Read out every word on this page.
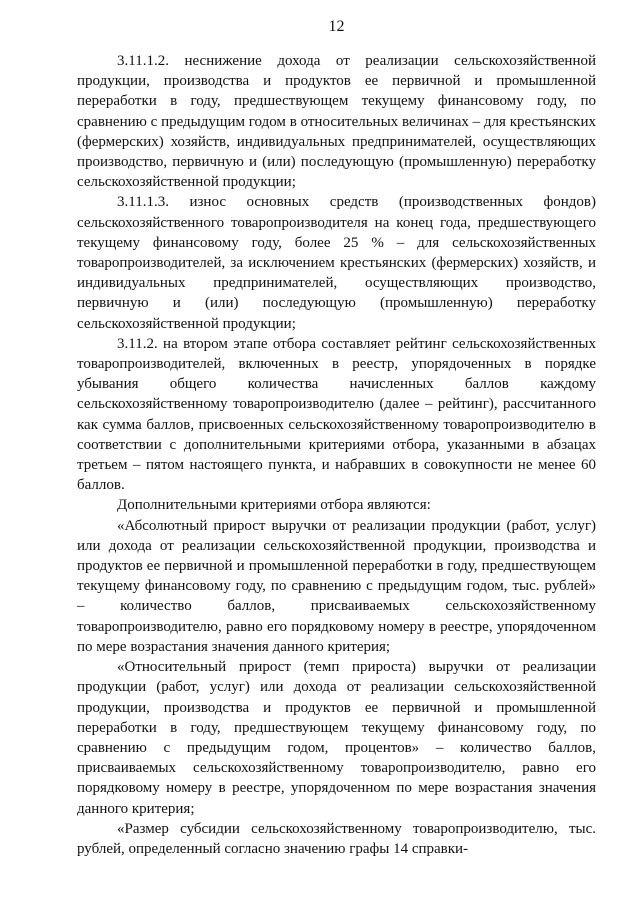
12

3.11.1.2. неснижение дохода от реализации сельскохозяйственной продукции, производства и продуктов ее первичной и промышленной переработки в году, предшествующем текущему финансовому году, по сравнению с предыдущим годом в относительных величинах – для крестьянских (фермерских) хозяйств, индивидуальных предпринимателей, осуществляющих производство, первичную и (или) последующую (промышленную) переработку сельскохозяйственной продукции;

3.11.1.3. износ основных средств (производственных фондов) сельскохозяйственного товаропроизводителя на конец года, предшествующего текущему финансовому году, более 25 % – для сельскохозяйственных товаропроизводителей, за исключением крестьянских (фермерских) хозяйств, и индивидуальных предпринимателей, осуществляющих производство, первичную и (или) последующую (промышленную) переработку сельскохозяйственной продукции;

3.11.2. на втором этапе отбора составляет рейтинг сельскохозяйственных товаропроизводителей, включенных в реестр, упорядоченных в порядке убывания общего количества начисленных баллов каждому сельскохозяйственному товаропроизводителю (далее – рейтинг), рассчитанного как сумма баллов, присвоенных сельскохозяйственному товаропроизводителю в соответствии с дополнительными критериями отбора, указанными в абзацах третьем – пятом настоящего пункта, и набравших в совокупности не менее 60 баллов.

Дополнительными критериями отбора являются:

«Абсолютный прирост выручки от реализации продукции (работ, услуг) или дохода от реализации сельскохозяйственной продукции, производства и продуктов ее первичной и промышленной переработки в году, предшествующем текущему финансовому году, по сравнению с предыдущим годом, тыс. рублей» – количество баллов, присваиваемых сельскохозяйственному товаропроизводителю, равно его порядковому номеру в реестре, упорядоченном по мере возрастания значения данного критерия;

«Относительный прирост (темп прироста) выручки от реализации продукции (работ, услуг) или дохода от реализации сельскохозяйственной продукции, производства и продуктов ее первичной и промышленной переработки в году, предшествующем текущему финансовому году, по сравнению с предыдущим годом, процентов» – количество баллов, присваиваемых сельскохозяйственному товаропроизводителю, равно его порядковому номеру в реестре, упорядоченном по мере возрастания значения данного критерия;

«Размер субсидии сельскохозяйственному товаропроизводителю, тыс. рублей, определенный согласно значению графы 14 справки-
